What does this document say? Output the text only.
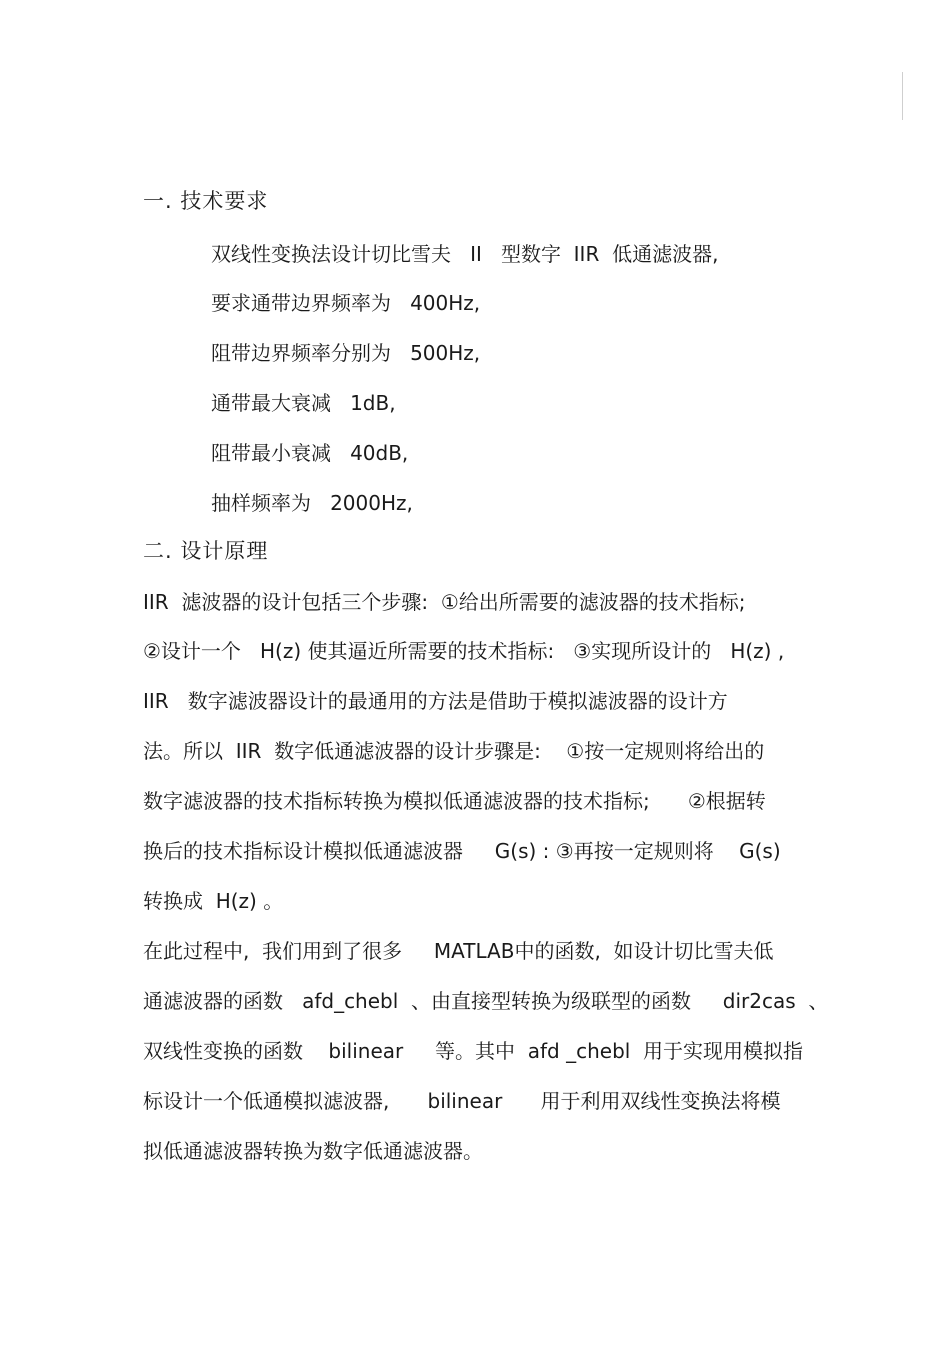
一. 技术要求
双线性变换法设计切比雪夫   II   型数字  IIR  低通滤波器,
要求通带边界频率为   400Hz,
阻带边界频率分别为   500Hz,
通带最大衰减   1dB,
阻带最小衰减   40dB,
抽样频率为   2000Hz,
二. 设计原理
IIR  滤波器的设计包括三个步骤:  ①给出所需要的滤波器的技术指标;
②设计一个   H(z) 使其逼近所需要的技术指标:   ③实现所设计的   H(z) ,
IIR   数字滤波器设计的最通用的方法是借助于模拟滤波器的设计方
法。所以  IIR  数字低通滤波器的设计步骤是:    ①按一定规则将给出的
数字滤波器的技术指标转换为模拟低通滤波器的技术指标;      ②根据转
换后的技术指标设计模拟低通滤波器     G(s) : ③再按一定规则将    G(s)
转换成  H(z) 。
在此过程中,  我们用到了很多     MATLAB中的函数,  如设计切比雪夫低
通滤波器的函数   afd_chebl  、由直接型转换为级联型的函数     dir2cas  、
双线性变换的函数    bilinear     等。其中  afd _chebl  用于实现用模拟指
标设计一个低通模拟滤波器,      bilinear      用于利用双线性变换法将模
拟低通滤波器转换为数字低通滤波器。
